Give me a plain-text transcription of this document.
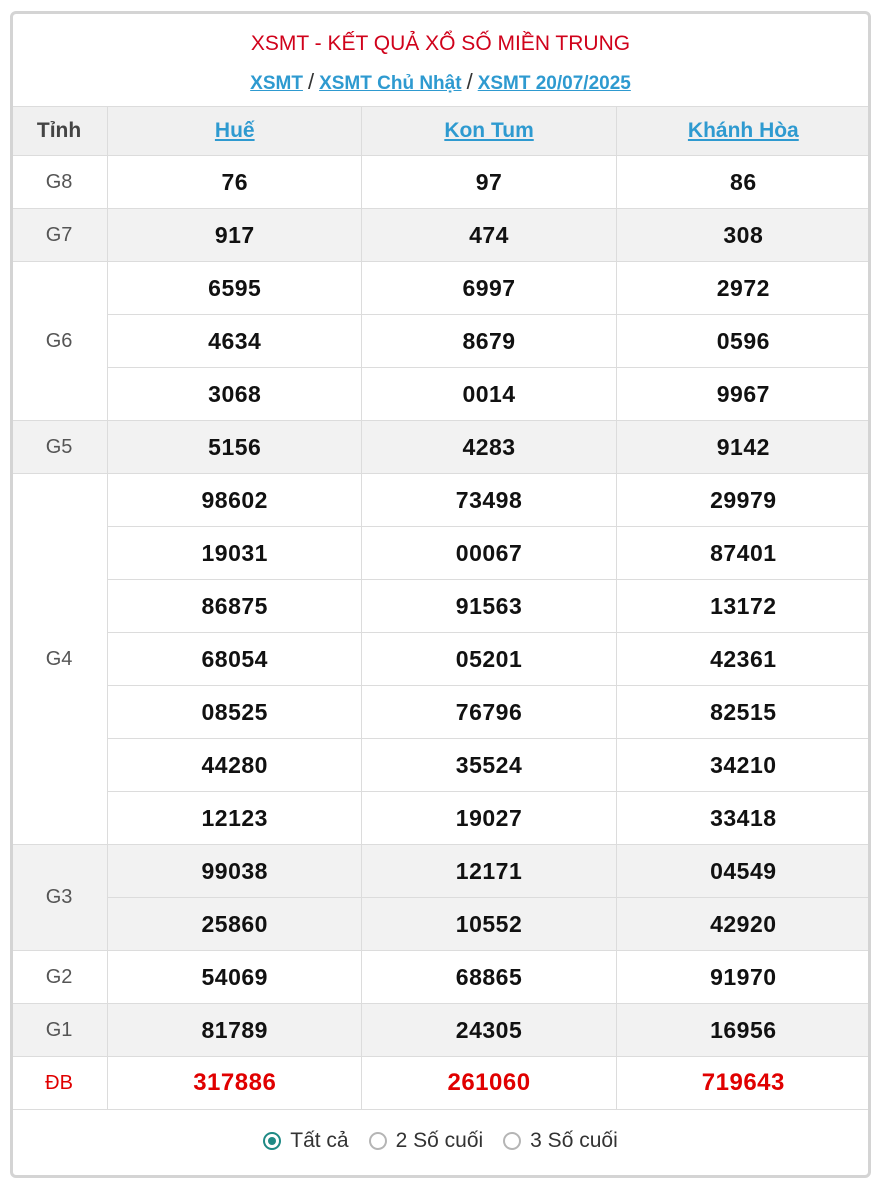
XSMT - KẾT QUẢ XỔ SỐ MIỀN TRUNG
XSMT / XSMT Chủ Nhật / XSMT 20/07/2025
Tỉnh	Huế	Kon Tum	Khánh Hòa
G8	76	97	86
G7	917	474	308
G6	6595	6997	2972
	4634	8679	0596
	3068	0014	9967
G5	5156	4283	9142
G4	98602	73498	29979
	19031	00067	87401
	86875	91563	13172
	68054	05201	42361
	08525	76796	82515
	44280	35524	34210
	12123	19027	33418
G3	99038	12171	04549
	25860	10552	42920
G2	54069	68865	91970
G1	81789	24305	16956
ĐB	317886	261060	719643
Tất cả 2 Số cuối 3 Số cuối
